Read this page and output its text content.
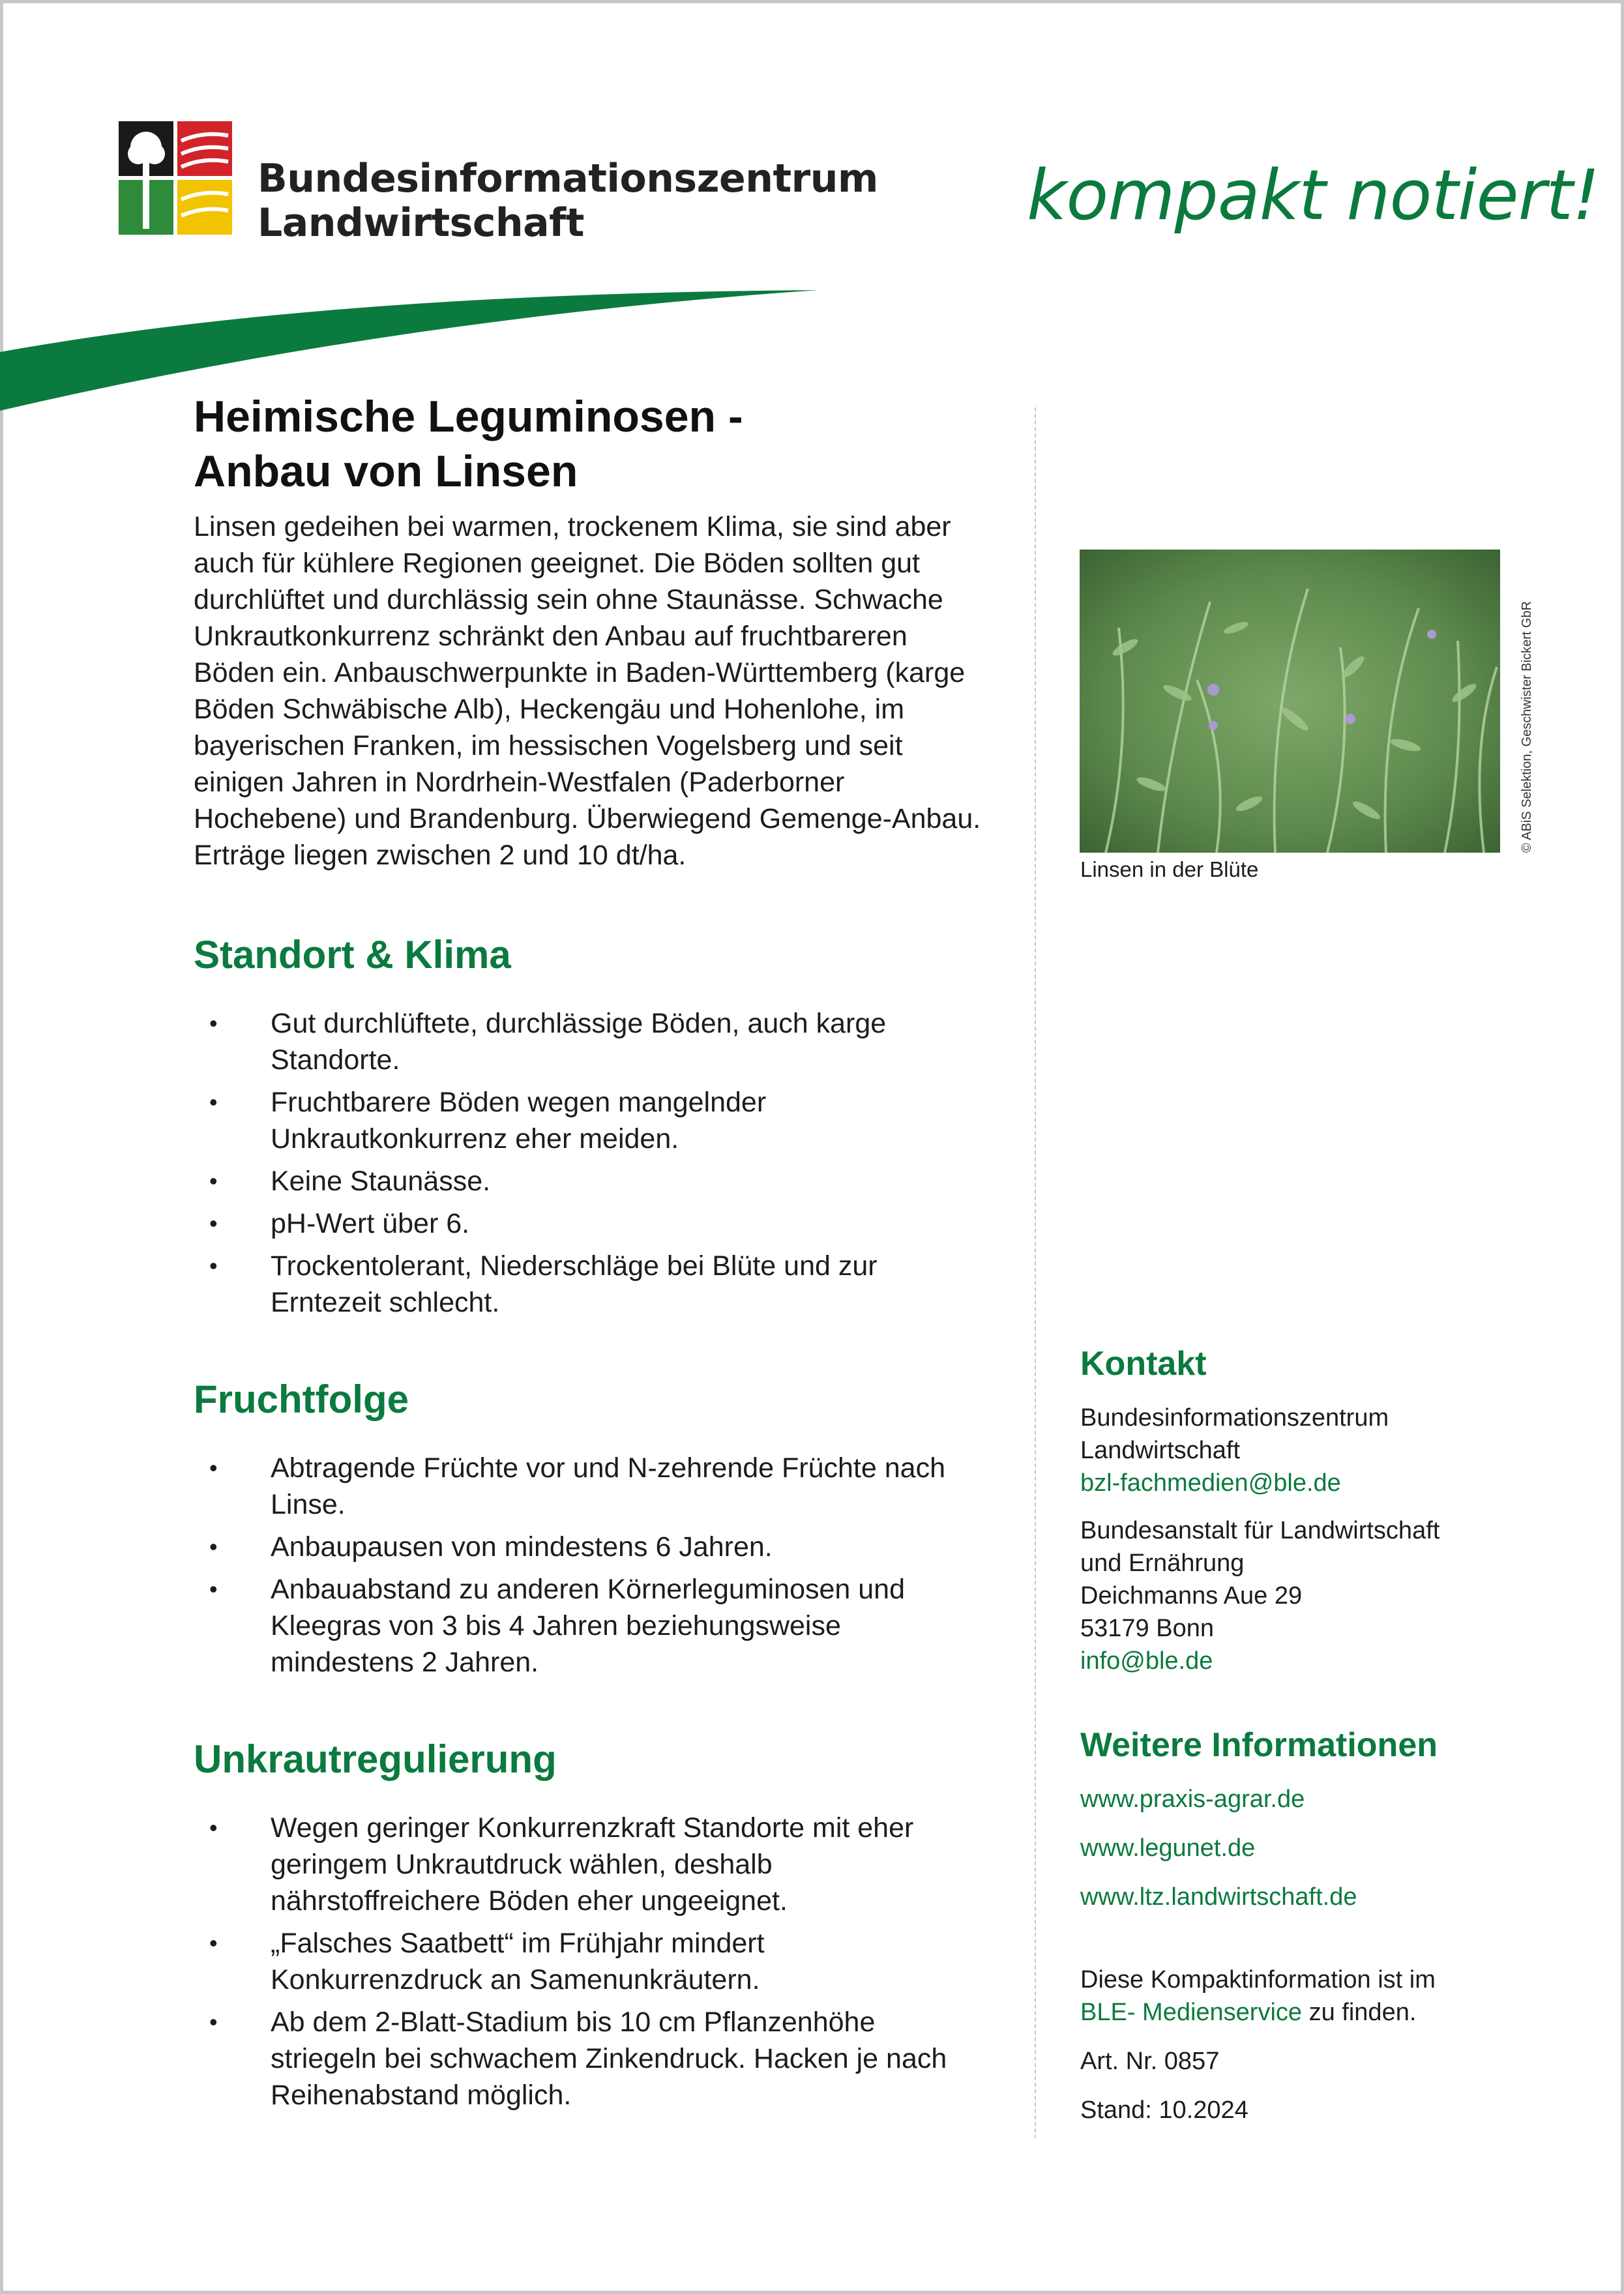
Bundesinformationszentrum
Landwirtschaft	kompakt notiert!
Heimische Leguminosen -
Anbau von Linsen
Linsen gedeihen bei warmen, trockenem Klima, sie sind aber auch für kühlere Regionen geeignet. Die Böden sollten gut durchlüftet und durchlässig sein ohne Staunässe. Schwache Unkrautkonkurrenz schränkt den Anbau auf fruchtbareren Böden ein. Anbauschwerpunkte in Baden-Württemberg (karge Böden Schwäbische Alb), Heckengäu und Hohenlohe, im bayerischen Franken, im hessischen Vogelsberg und seit einigen Jahren in Nordrhein-Westfalen (Paderborner Hochebene) und Brandenburg. Überwiegend Gemenge-Anbau. Erträge liegen zwischen 2 und 10 dt/ha.
Standort & Klima
• Gut durchlüftete, durchlässige Böden, auch karge Standorte.
• Fruchtbarere Böden wegen mangelnder Unkrautkonkurrenz eher meiden.
• Keine Staunässe.
• pH-Wert über 6.
• Trockentolerant, Niederschläge bei Blüte und zur Erntezeit schlecht.
Fruchtfolge
• Abtragende Früchte vor und N-zehrende Früchte nach Linse.
• Anbaupausen von mindestens 6 Jahren.
• Anbauabstand zu anderen Körnerleguminosen und Kleegras von 3 bis 4 Jahren beziehungsweise mindestens 2 Jahren.
Unkrautregulierung
• Wegen geringer Konkurrenzkraft Standorte mit eher geringem Unkrautdruck wählen, deshalb nährstoffreichere Böden eher ungeeignet.
• „Falsches Saatbett“ im Frühjahr mindert Konkurrenzdruck an Samenunkräutern.
• Ab dem 2-Blatt-Stadium bis 10 cm Pflanzenhöhe striegeln bei schwachem Zinkendruck. Hacken je nach Reihenabstand möglich.
© ABiS Selektion, Geschwister Bickert GbR
Linsen in der Blüte
Kontakt
Bundesinformationszentrum
Landwirtschaft
bzl-fachmedien@ble.de
Bundesanstalt für Landwirtschaft
und Ernährung
Deichmanns Aue 29
53179 Bonn
info@ble.de
Weitere Informationen
www.praxis-agrar.de
www.legunet.de
www.ltz.landwirtschaft.de
Diese Kompaktinformation ist im
BLE- Medienservice zu finden.
Art. Nr. 0857
Stand: 10.2024
